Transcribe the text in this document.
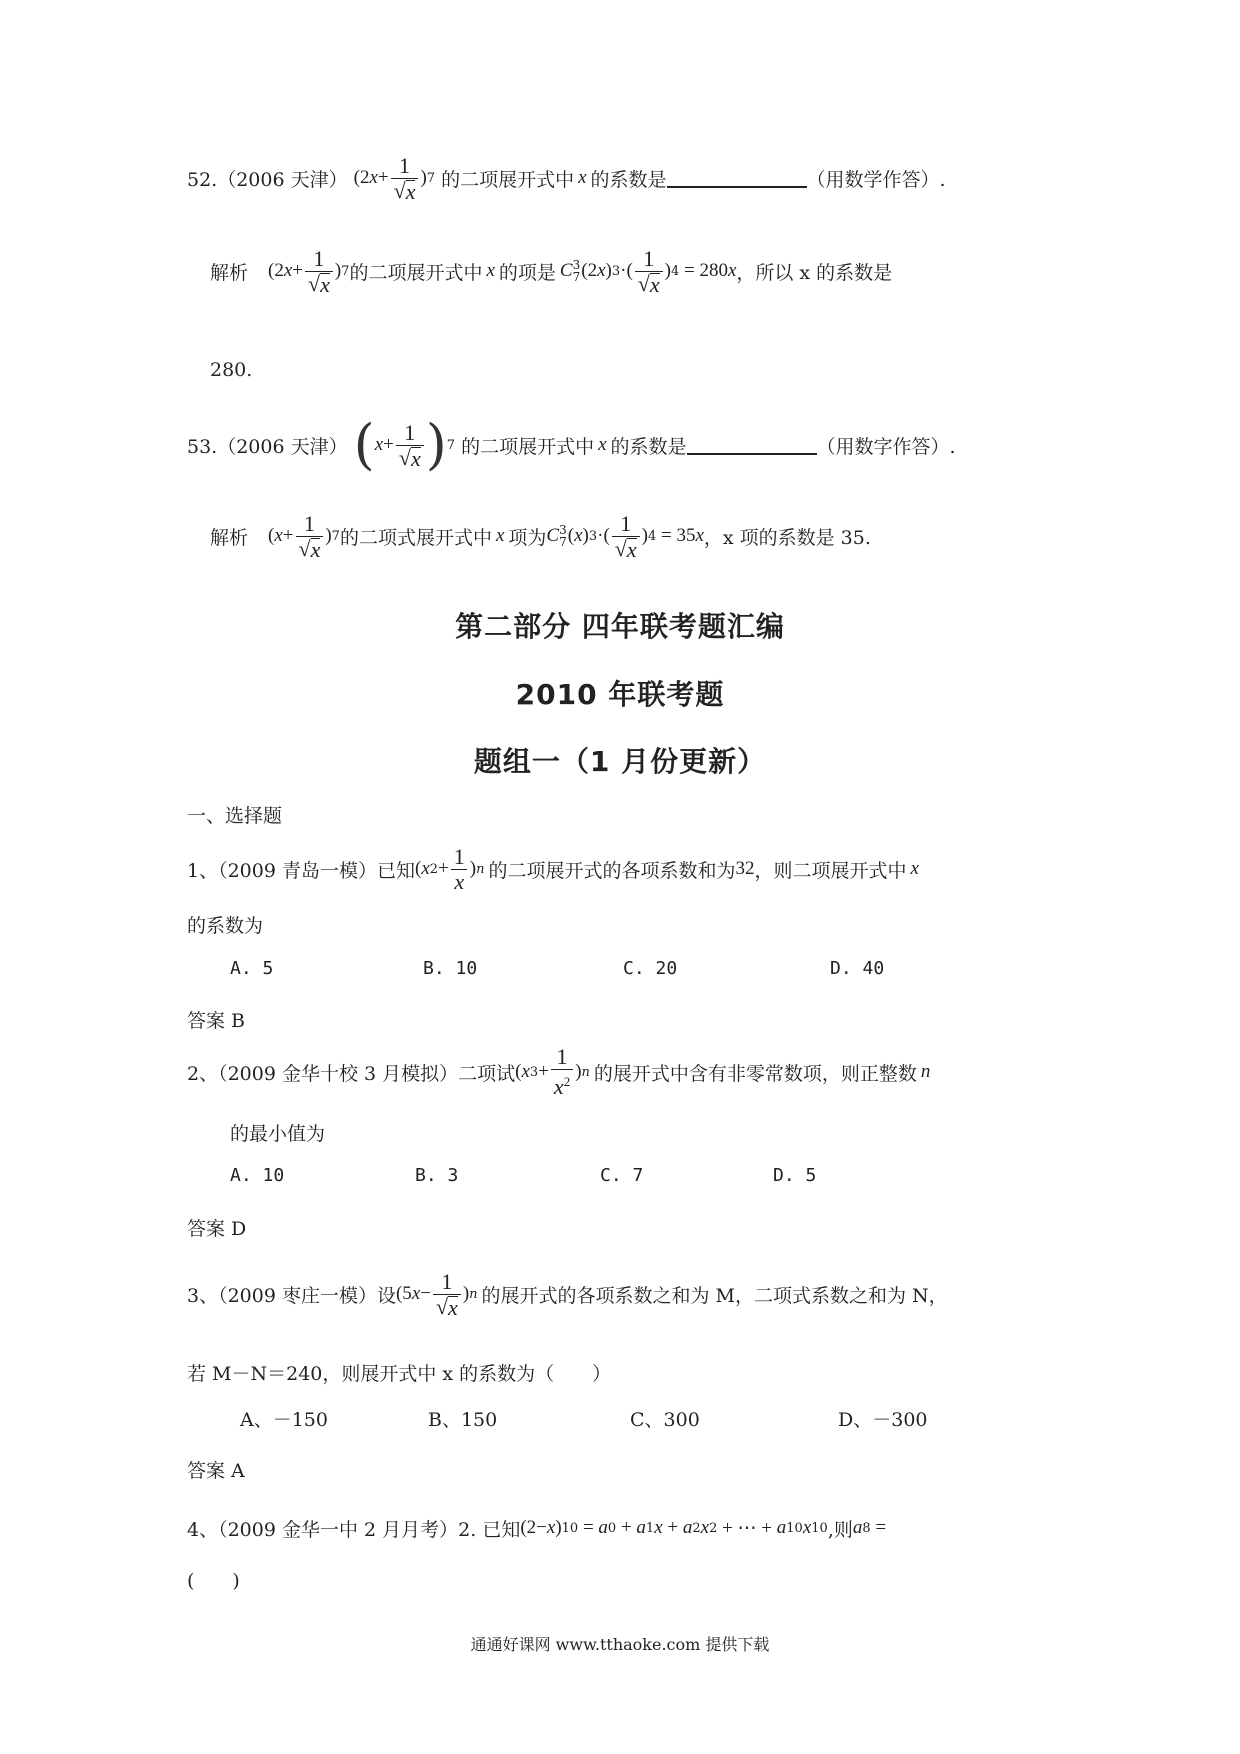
52.（2006 天津） (2 $x + \frac{1}{√ x}$ ) 7 的二项展开式中 x 的系数是	（用数学作答）.
解析 (2 $x + \frac{1}{√ x}$ ) 7 的二项展开式中 x 的项是 C 3
7 (2 x ) 3 ·( $\frac{1}{√ x}$ ) 4 = 280 x ，所以 x 的系数是
280.
53.（2006 天津） ( $x + \frac{1}{√ x}$ ) 7 的二项展开式中 x 的系数是	（用数字作答）.
解析 ( $x + \frac{1}{√ x}$ ) 7 的二项式展开式中 x 项为 C 3
7 ( x ) 3 ·( $\frac{1}{√ x}$ ) 4 = 35 x ，x 项的系数是 35.
第二部分 四年联考题汇编
2010 年联考题
题组一（1 月份更新）
一、选择题
1、（2009 青岛一模）已知 ( x $2 + \frac{1}{x}$ ) n 的二项展开式的各项系数和为 32 ，则二项展开式中 x
的系数为
A. 5	B. 10	C. 20	D. 40
答案 B
2、（2009 金华十校 3 月模拟）二项试 ( x $3 + \frac{1}{x^2}$ ) n 的展开式中含有非零常数项，则正整数 n
的最小值为
A. 10	B. 3	C. 7	D. 5
答案 D
3、（2009 枣庄一模）设 (5 $x - \frac{1}{√ x}$ ) n 的展开式的各项系数之和为 M，二项式系数之和为 N，
若 M－N＝240，则展开式中 x 的系数为（　　）
A、－150	B、150	C、300	D、－300
答案 A
4、（2009 金华一中 2 月月考）2. 已知 (2− x ) 10 = a 0 + a 1 x + a 2 x 2 + ⋯ + a 10 x 10 ,则 a 8 =
(　　)
通通好课网 www.tthaoke.com 提供下载
